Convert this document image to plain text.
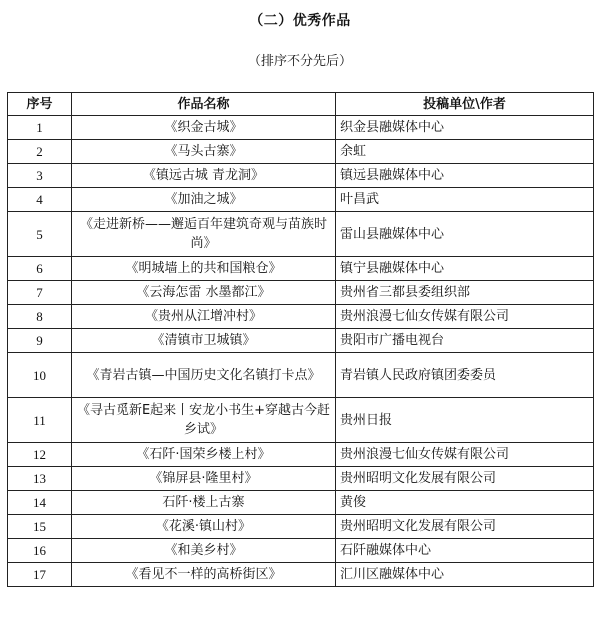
（二）优秀作品
（排序不分先后）
序号	作品名称	投稿单位\作者
1	《织金古城》	织金县融媒体中心
2	《马头古寨》	余虹
3	《镇远古城 青龙洞》	镇远县融媒体中心
4	《加油之城》	叶昌武
5	《走进新桥——邂逅百年建筑奇观与苗族时尚》	雷山县融媒体中心
6	《明城墙上的共和国粮仓》	镇宁县融媒体中心
7	《云海怎雷 水墨都江》	贵州省三都县委组织部
8	《贵州从江增冲村》	贵州浪漫七仙女传媒有限公司
9	《清镇市卫城镇》	贵阳市广播电视台
10	《青岩古镇—中国历史文化名镇打卡点》	青岩镇人民政府镇团委委员
11	《寻古觅新E起来丨安龙小书生+穿越古今赶乡试》	贵州日报
12	《石阡·国荣乡楼上村》	贵州浪漫七仙女传媒有限公司
13	《锦屏县·隆里村》	贵州昭明文化发展有限公司
14	石阡·楼上古寨	黄俊
15	《花溪·镇山村》	贵州昭明文化发展有限公司
16	《和美乡村》	石阡融媒体中心
17	《看见不一样的高桥街区》	汇川区融媒体中心
